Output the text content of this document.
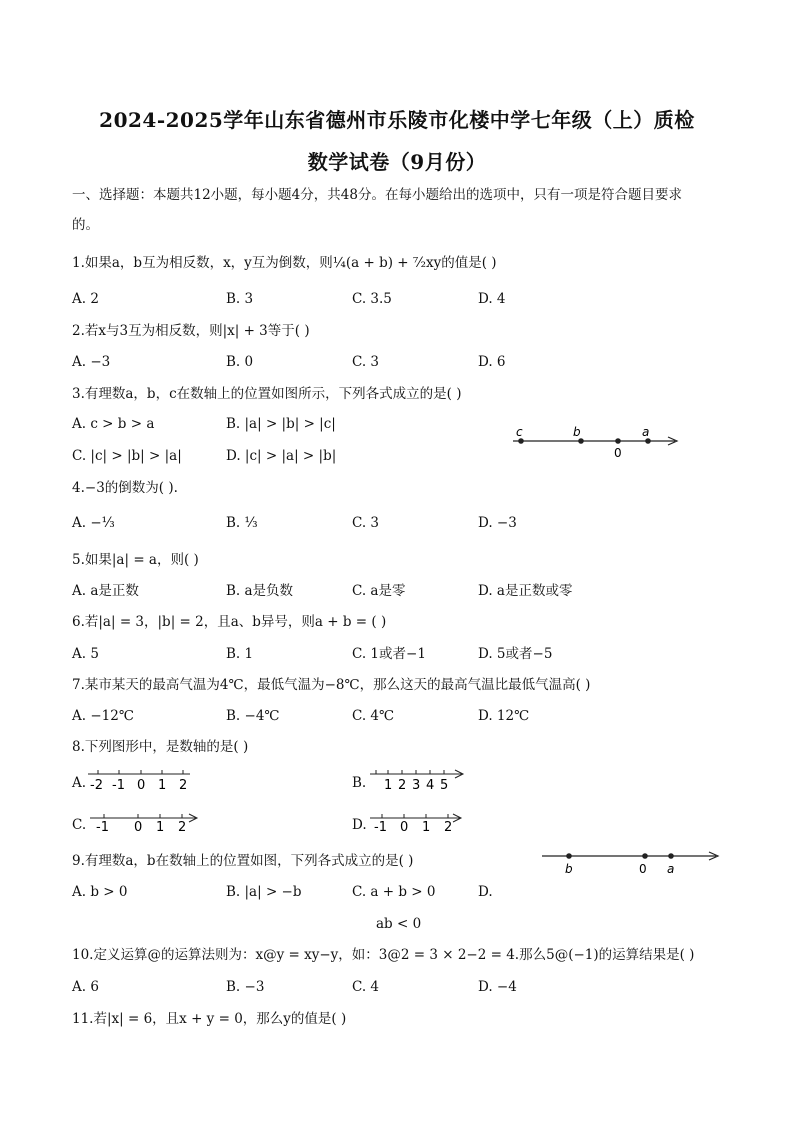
2024-2025学年山东省德州市乐陵市化楼中学七年级（上）质检
数学试卷（9月份）
一、选择题：本题共12小题，每小题4分，共48分。在每小题给出的选项中，只有一项是符合题目要求
的。
1.如果a，b互为相反数，x，y互为倒数，则¼(a + b) + ⁷⁄₂xy的值是( )
A. 2	B. 3	C. 3.5	D. 4
2.若x与3互为相反数，则|x| + 3等于( )
A. −3	B. 0	C. 3	D. 6
3.有理数a，b，c在数轴上的位置如图所示，下列各式成立的是( )
A. c > b > a	B. |a| > |b| > |c|
C. |c| > |b| > |a|	D. |c| > |a| > |b|
c	b
0
a
4.−3的倒数为( ).
A. −⅓	B. ⅓	C. 3	D. −3
5.如果|a| = a，则( )
A. a是正数	B. a是负数	C. a是零	D. a是正数或零
6.若|a| = 3，|b| = 2，且a、b异号，则a + b = ( )
A. 5	B. 1	C. 1或者−1	D. 5或者−5
7.某市某天的最高气温为4℃，最低气温为−8℃，那么这天的最高气温比最低气温高( )
A. −12℃	B. −4℃	C. 4℃	D. 12℃
8.下列图形中，是数轴的是( )
A.	B.
C.	D.
-2 -1 0 1 2	1 2 3 4 5
-1 0 1 2	-1 0 1 2
9.有理数a，b在数轴上的位置如图，下列各式成立的是( )	b	0 a
A. b > 0	B. |a| > −b	C. a + b > 0	D.
ab < 0
10.定义运算@的运算法则为：x@y = xy−y，如：3@2 = 3 × 2−2 = 4.那么5@(−1)的运算结果是( )
A. 6	B. −3	C. 4	D. −4
11.若|x| = 6，且x + y = 0，那么y的值是( )
